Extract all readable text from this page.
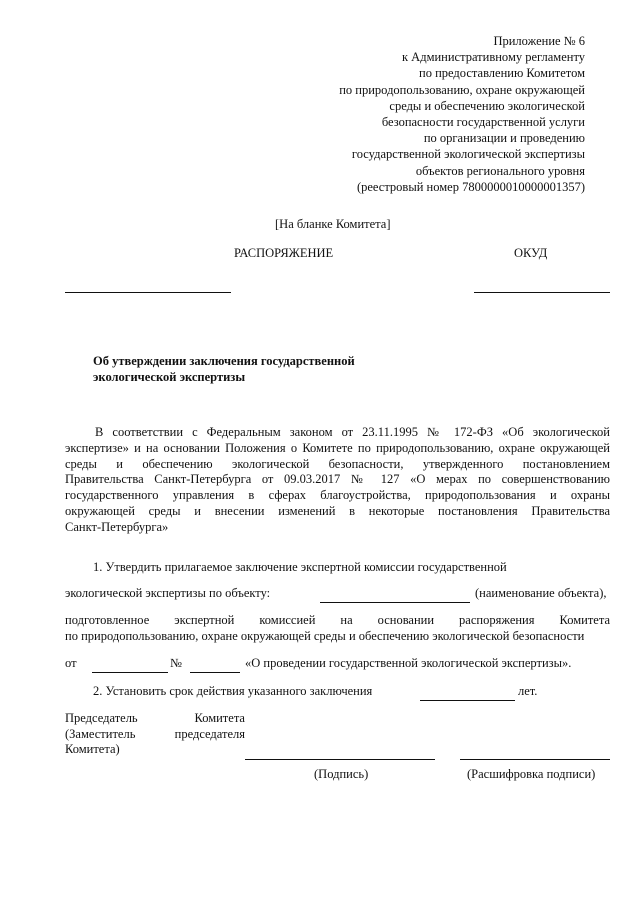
Приложение № 6
к Административному регламенту
по предоставлению Комитетом
по природопользованию, охране окружающей
среды и обеспечению экологической
безопасности государственной услуги
по организации и проведению
государственной экологической экспертизы
объектов регионального уровня
(реестровый номер 7800000010000001357)
[На бланке Комитета]
РАСПОРЯЖЕНИЕ	ОКУД
Об утверждении заключения государственной
экологической экспертизы
В соответствии с Федеральным законом от 23.11.1995 № 172-ФЗ «Об экологической
экспертизе» и на основании Положения о Комитете по природопользованию, охране окружающей
среды и обеспечению экологической безопасности, утвержденного постановлением
Правительства Санкт-Петербурга от 09.03.2017 № 127 «О мерах по совершенствованию
государственного управления в сферах благоустройства, природопользования и охраны
окружающей среды и внесении изменений в некоторые постановления Правительства
Санкт-Петербурга»
1. Утвердить прилагаемое заключение экспертной комиссии государственной
экологической экспертизы по объекту:	(наименование объекта),
подготовленное экспертной комиссией на основании распоряжения Комитета
по природопользованию, охране окружающей среды и обеспечению экологической безопасности
от	№	«О проведении государственной экологической экспертизы».
2. Установить срок действия указанного заключения	лет.
Председатель	Комитета
(Заместитель	председателя
Комитета)
(Подпись)	(Расшифровка подписи)
